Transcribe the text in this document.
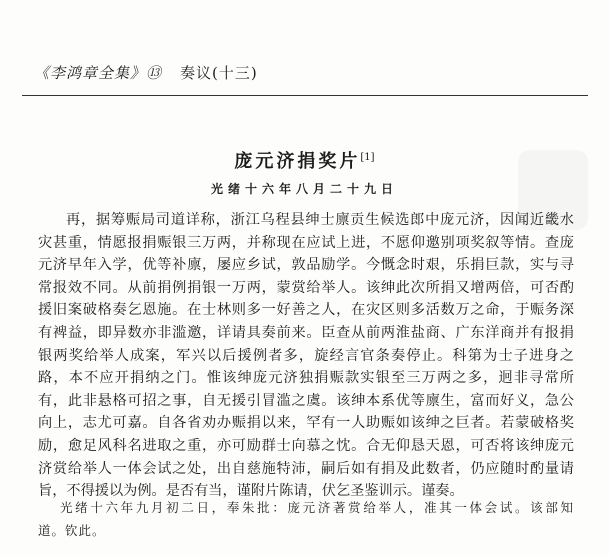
《李鸿章全集》⑬ 奏议(十三)
庞元济捐奖片[1]
光绪十六年八月二十九日
再，据筹赈局司道详称，浙江乌程县绅士廪贡生候选郎中庞元济，因闻近畿水
灾甚重，情愿报捐赈银三万两，并称现在应试上进，不愿仰邀别项奖叙等情。查庞
元济早年入学，优等补廪，屡应乡试，敦品励学。今慨念时艰，乐捐巨款，实与寻
常报效不同。从前捐例捐银一万两，蒙赏给举人。该绅此次所捐又增两倍，可否酌
援旧案破格奏乞恩施。在士林则多一好善之人，在灾区则多活数万之命，于赈务深
有裨益，即异数亦非滥邀，详请具奏前来。臣查从前两淮盐商、广东洋商并有报捐
银两奖给举人成案，军兴以后援例者多，旋经言官条奏停止。科第为士子进身之
路，本不应开捐纳之门。惟该绅庞元济独捐赈款实银至三万两之多，迥非寻常所
有，此非悬格可招之事，自无援引冒滥之虞。该绅本系优等廪生，富而好义，急公
向上，志尤可嘉。自各省劝办赈捐以来，罕有一人助赈如该绅之巨者。若蒙破格奖
励，愈足风科名进取之重，亦可励群士向慕之忱。合无仰恳天恩，可否将该绅庞元
济赏给举人一体会试之处，出自慈施特沛，嗣后如有捐及此数者，仍应随时酌量请
旨，不得援以为例。是否有当，谨附片陈请，伏乞圣鉴训示。谨奏。
光绪十六年九月初二日，奉朱批：庞元济著赏给举人，准其一体会试。该部知
道。钦此。
